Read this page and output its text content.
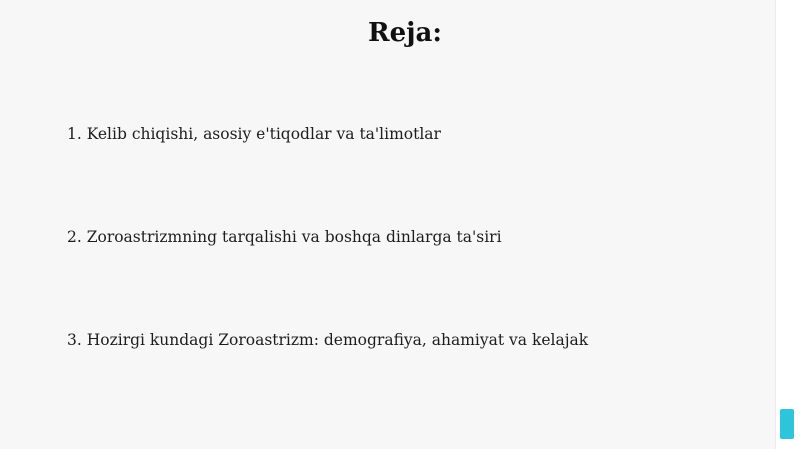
Reja:
1. Kelib chiqishi, asosiy e'tiqodlar va ta'limotlar
2. Zoroastrizmning tarqalishi va boshqa dinlarga ta'siri
3. Hozirgi kundagi Zoroastrizm: demografiya, ahamiyat va kelajak
